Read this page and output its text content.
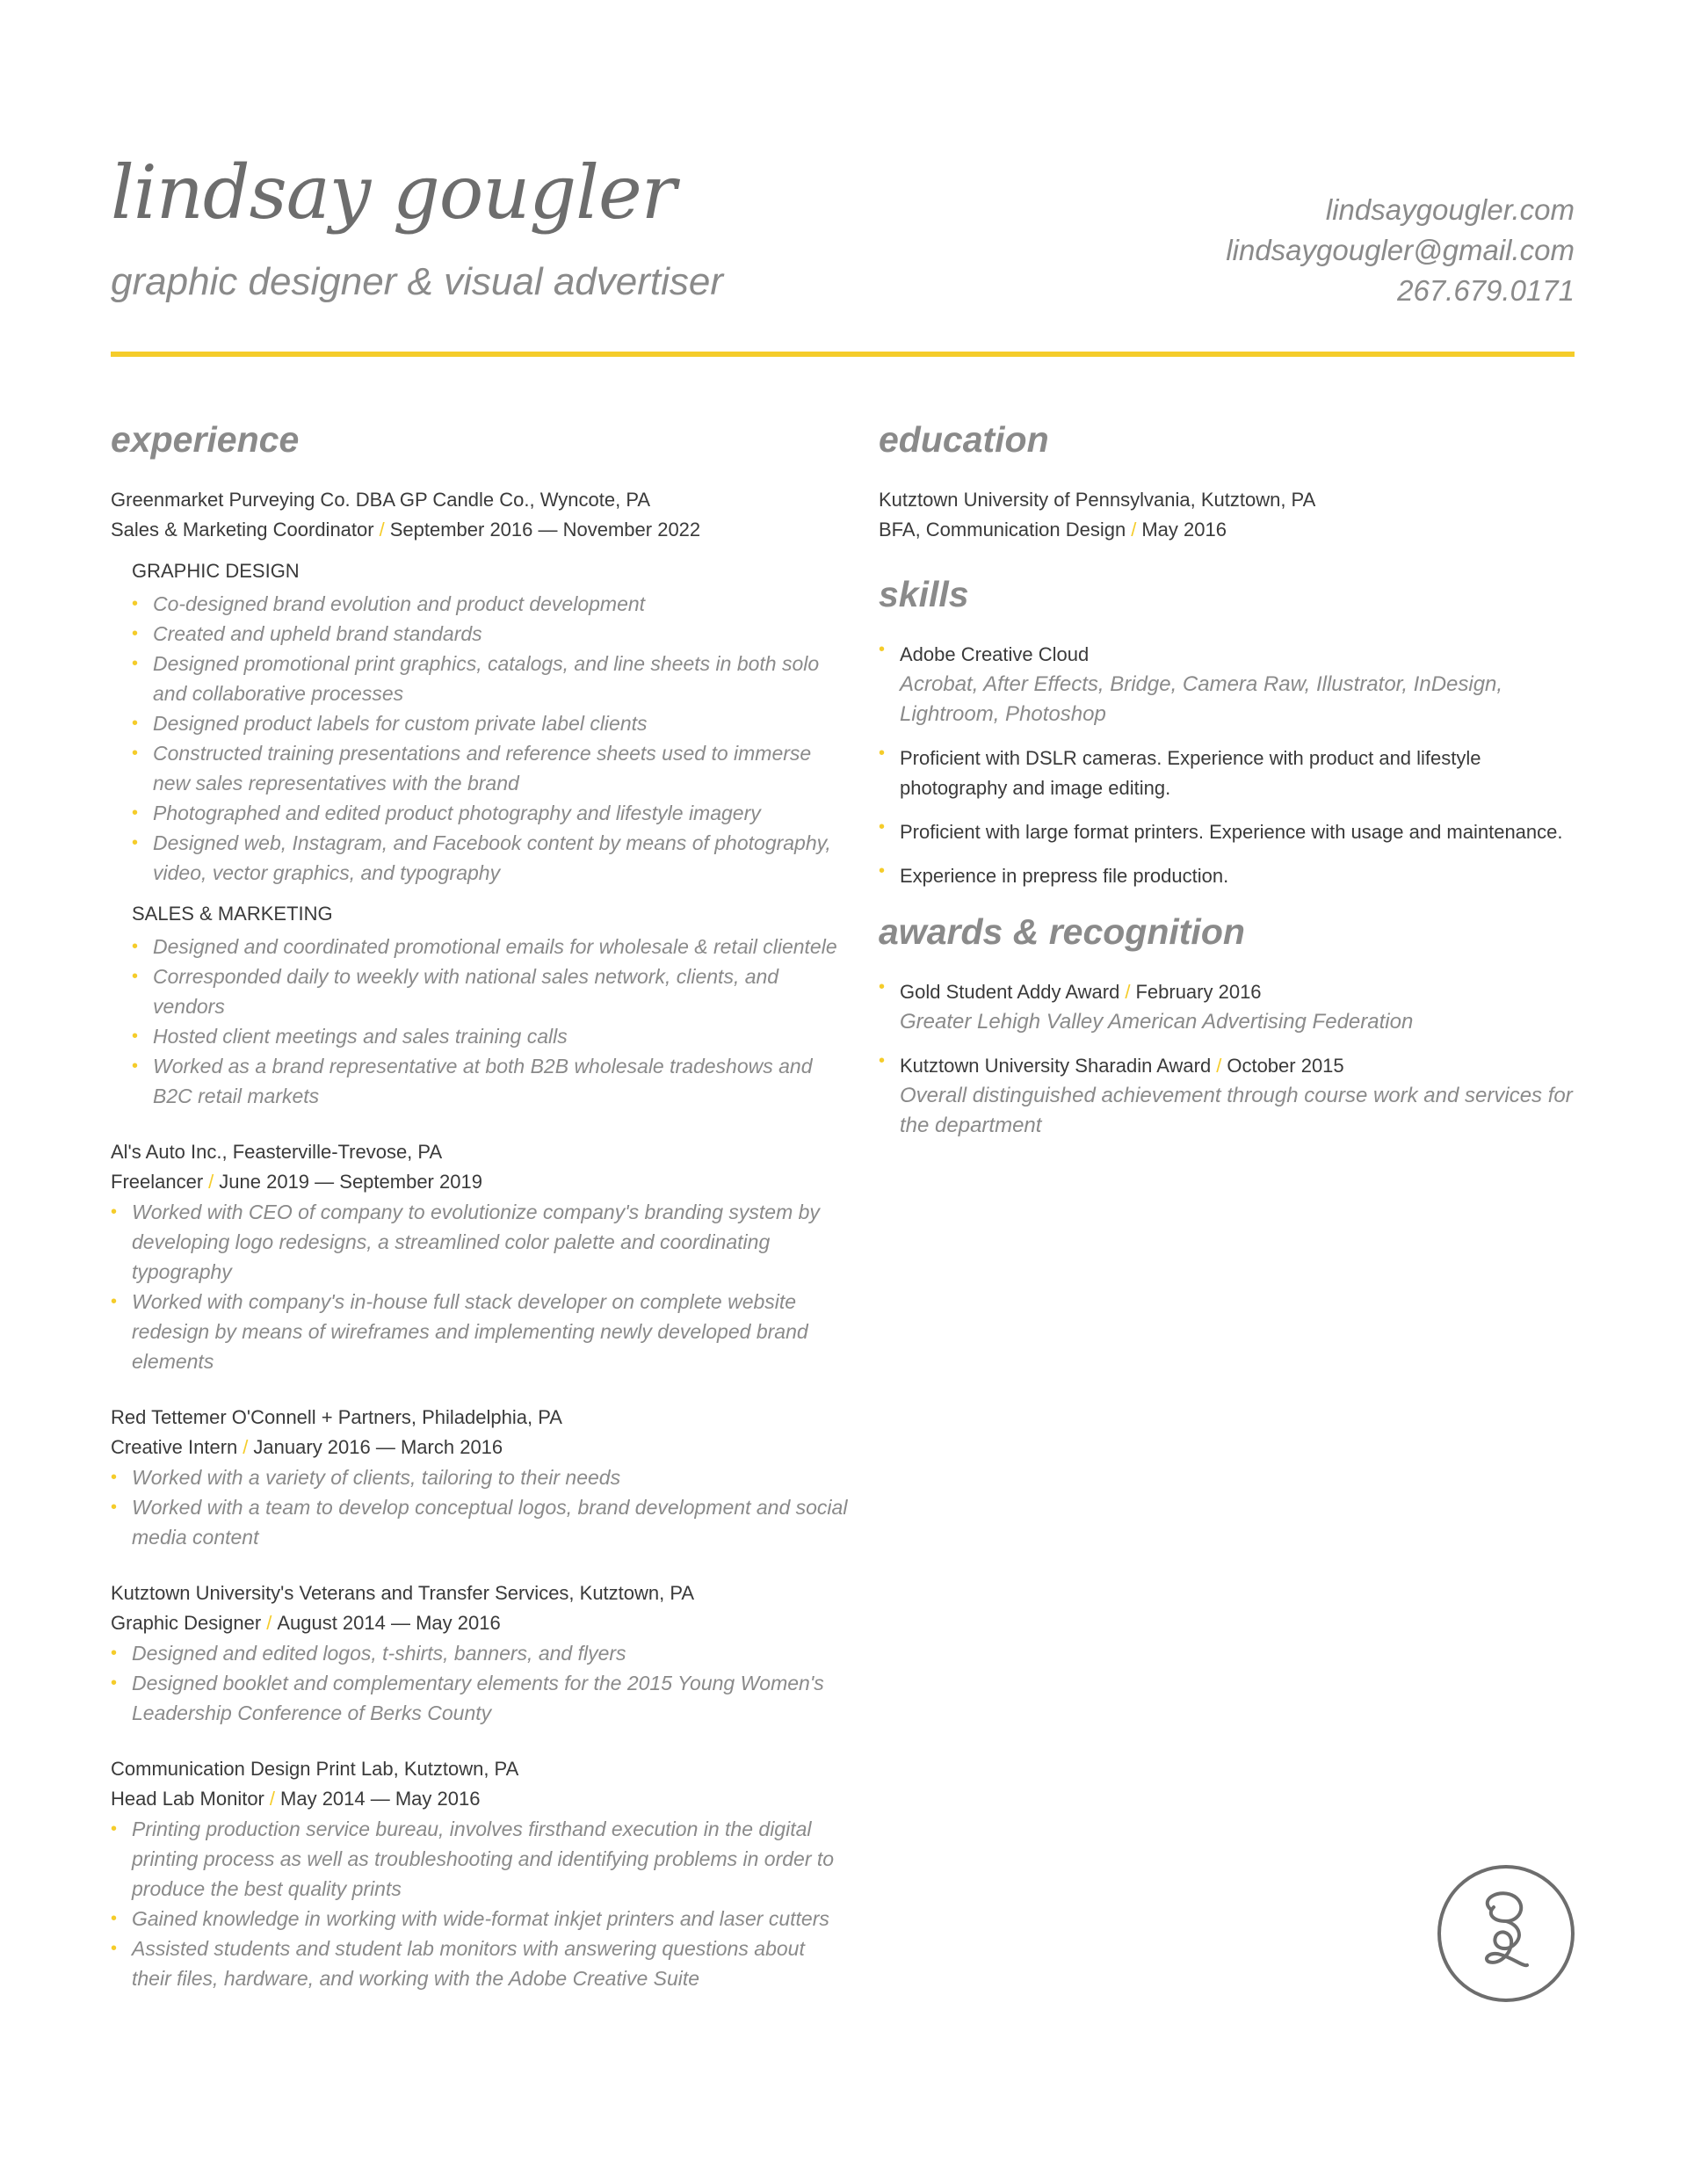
lindsay gougler
graphic designer & visual advertiser
lindsaygougler.com
lindsaygougler@gmail.com
267.679.0171
experience
Greenmarket Purveying Co. DBA GP Candle Co., Wyncote, PA
Sales & Marketing Coordinator / September 2016 — November 2022
GRAPHIC DESIGN
• Co-designed brand evolution and product development
• Created and upheld brand standards
• Designed promotional print graphics, catalogs, and line sheets in both solo and collaborative processes
• Designed product labels for custom private label clients
• Constructed training presentations and reference sheets used to immerse new sales representatives with the brand
• Photographed and edited product photography and lifestyle imagery
• Designed web, Instagram, and Facebook content by means of photography, video, vector graphics, and typography
SALES & MARKETING
• Designed and coordinated promotional emails for wholesale & retail clientele
• Corresponded daily to weekly with national sales network, clients, and vendors
• Hosted client meetings and sales training calls
• Worked as a brand representative at both B2B wholesale tradeshows and B2C retail markets
Al's Auto Inc., Feasterville-Trevose, PA
Freelancer / June 2019 — September 2019
• Worked with CEO of company to evolutionize company's branding system by developing logo redesigns, a streamlined color palette and coordinating typography
• Worked with company's in-house full stack developer on complete website redesign by means of wireframes and implementing newly developed brand elements
Red Tettemer O'Connell + Partners, Philadelphia, PA
Creative Intern / January 2016 — March 2016
• Worked with a variety of clients, tailoring to their needs
• Worked with a team to develop conceptual logos, brand development and social media content
Kutztown University's Veterans and Transfer Services, Kutztown, PA
Graphic Designer / August 2014 — May 2016
• Designed and edited logos, t-shirts, banners, and flyers
• Designed booklet and complementary elements for the 2015 Young Women's Leadership Conference of Berks County
Communication Design Print Lab, Kutztown, PA
Head Lab Monitor / May 2014 — May 2016
• Printing production service bureau, involves firsthand execution in the digital printing process as well as troubleshooting and identifying problems in order to produce the best quality prints
• Gained knowledge in working with wide-format inkjet printers and laser cutters
• Assisted students and student lab monitors with answering questions about their files, hardware, and working with the Adobe Creative Suite
education
Kutztown University of Pennsylvania, Kutztown, PA
BFA, Communication Design / May 2016
skills
• Adobe Creative Cloud
Acrobat, After Effects, Bridge, Camera Raw, Illustrator, InDesign, Lightroom, Photoshop
• Proficient with DSLR cameras. Experience with product and lifestyle photography and image editing.
• Proficient with large format printers. Experience with usage and maintenance.
• Experience in prepress file production.
awards & recognition
• Gold Student Addy Award / February 2016
Greater Lehigh Valley American Advertising Federation
• Kutztown University Sharadin Award / October 2015
Overall distinguished achievement through course work and services for the department
